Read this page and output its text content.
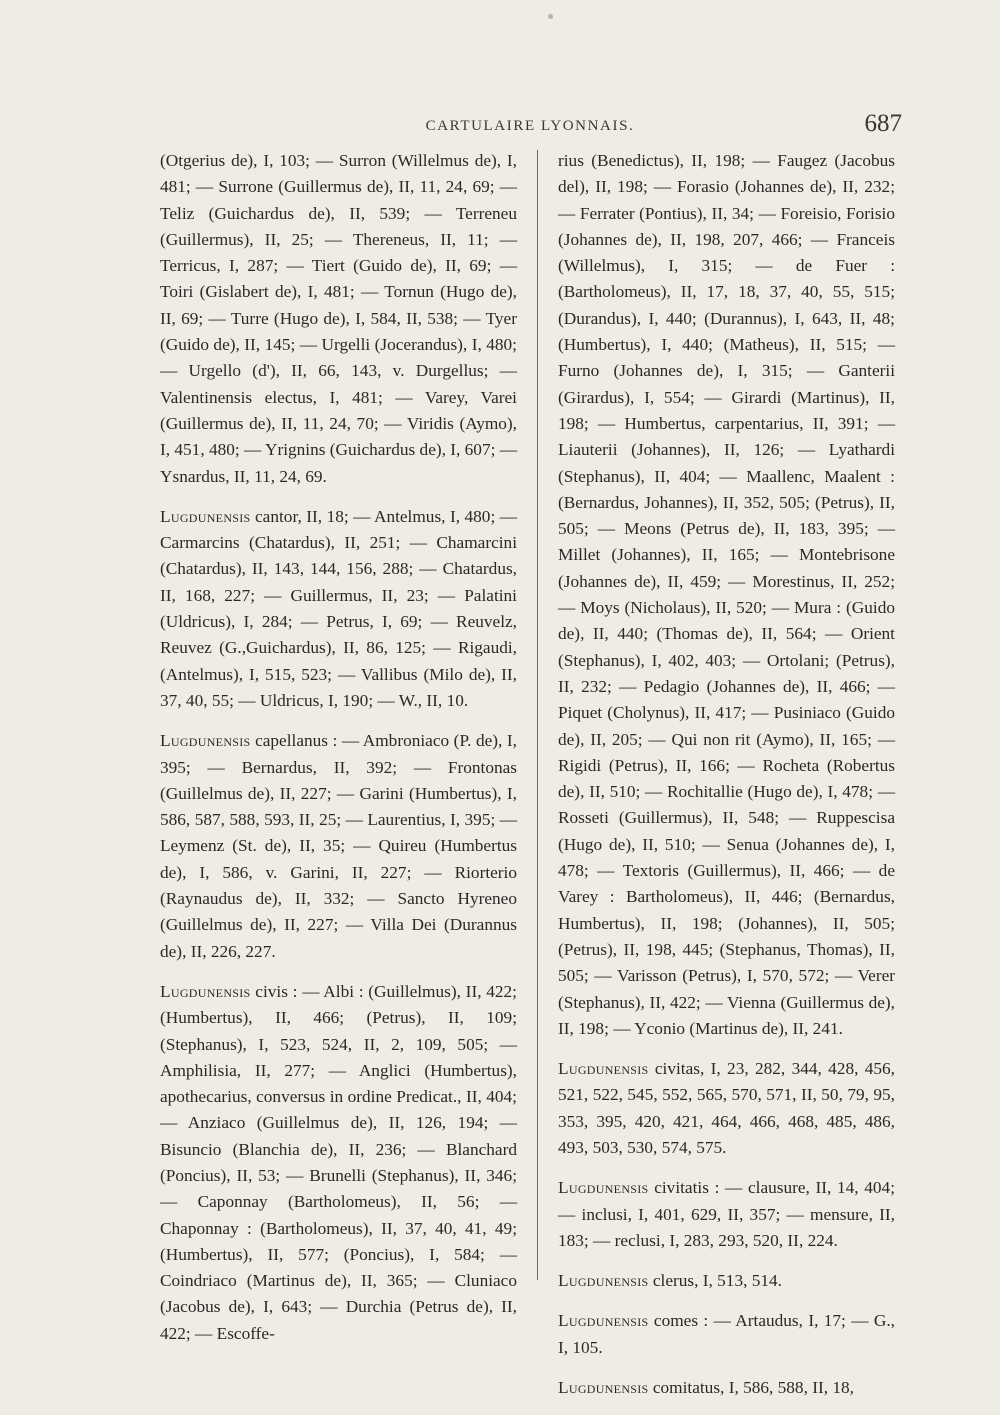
CARTULAIRE LYONNAIS.	687

(Otgerius de), I, 103; — Surron (Willelmus de), I, 481; — Surrone (Guillermus de), II, 11, 24, 69; — Teliz (Guichardus de), II, 539; — Terreneu (Guillermus), II, 25; — Thereneus, II, 11; — Terricus, I, 287; — Tiert (Guido de), II, 69; — Toiri (Gislabert de), I, 481; — Tornun (Hugo de), II, 69; — Turre (Hugo de), I, 584, II, 538; — Tyer (Guido de), II, 145; — Urgelli (Jocerandus), I, 480; — Urgello (d'), II, 66, 143, v. Durgellus; — Valentinensis electus, I, 481; — Varey, Varei (Guillermus de), II, 11, 24, 70; — Viridis (Aymo), I, 451, 480; — Yrignins (Guichardus de), I, 607; — Ysnardus, II, 11, 24, 69.

Lugdunensis cantor, II, 18; — Antelmus, I, 480; — Carmarcins (Chatardus), II, 251; — Chamarcini (Chatardus), II, 143, 144, 156, 288; — Chatardus, II, 168, 227; — Guillermus, II, 23; — Palatini (Uldricus), I, 284; — Petrus, I, 69; — Reuvelz, Reuvez (G.,Guichardus), II, 86, 125; — Rigaudi, (Antelmus), I, 515, 523; — Vallibus (Milo de), II, 37, 40, 55; — Uldricus, I, 190; — W., II, 10.

Lugdunensis capellanus : — Ambroniaco (P. de), I, 395; — Bernardus, II, 392; — Frontonas (Guillelmus de), II, 227; — Garini (Humbertus), I, 586, 587, 588, 593, II, 25; — Laurentius, I, 395; — Leymenz (St. de), II, 35; — Quireu (Humbertus de), I, 586, v. Garini, II, 227; — Riorterio (Raynaudus de), II, 332; — Sancto Hyreneo (Guillelmus de), II, 227; — Villa Dei (Durannus de), II, 226, 227.

Lugdunensis civis : — Albi : (Guillelmus), II, 422; (Humbertus), II, 466; (Petrus), II, 109; (Stephanus), I, 523, 524, II, 2, 109, 505; — Amphilisia, II, 277; — Anglici (Humbertus), apothecarius, conversus in ordine Predicat., II, 404; — Anziaco (Guillelmus de), II, 126, 194; — Bisuncio (Blanchia de), II, 236; — Blanchard (Poncius), II, 53; — Brunelli (Stephanus), II, 346; — Caponnay (Bartholomeus), II, 56; — Chaponnay : (Bartholomeus), II, 37, 40, 41, 49; (Humbertus), II, 577; (Poncius), I, 584; — Coindriaco (Martinus de), II, 365; — Cluniaco (Jacobus de), I, 643; — Durchia (Petrus de), II, 422; — Escoffe-

rius (Benedictus), II, 198; — Faugez (Jacobus del), II, 198; — Forasio (Johannes de), II, 232; — Ferrater (Pontius), II, 34; — Foreisio, Forisio (Johannes de), II, 198, 207, 466; — Franceis (Willelmus), I, 315; — de Fuer : (Bartholomeus), II, 17, 18, 37, 40, 55, 515; (Durandus), I, 440; (Durannus), I, 643, II, 48; (Humbertus), I, 440; (Matheus), II, 515; — Furno (Johannes de), I, 315; — Ganterii (Girardus), I, 554; — Girardi (Martinus), II, 198; — Humbertus, carpentarius, II, 391; — Liauterii (Johannes), II, 126; — Lyathardi (Stephanus), II, 404; — Maallenc, Maalent : (Bernardus, Johannes), II, 352, 505; (Petrus), II, 505; — Meons (Petrus de), II, 183, 395; — Millet (Johannes), II, 165; — Montebrisone (Johannes de), II, 459; — Morestinus, II, 252; — Moys (Nicholaus), II, 520; — Mura : (Guido de), II, 440; (Thomas de), II, 564; — Orient (Stephanus), I, 402, 403; — Ortolani; (Petrus), II, 232; — Pedagio (Johannes de), II, 466; — Piquet (Cholynus), II, 417; — Pusiniaco (Guido de), II, 205; — Qui non rit (Aymo), II, 165; — Rigidi (Petrus), II, 166; — Rocheta (Robertus de), II, 510; — Rochitallie (Hugo de), I, 478; — Rosseti (Guillermus), II, 548; — Ruppescisa (Hugo de), II, 510; — Senua (Johannes de), I, 478; — Textoris (Guillermus), II, 466; — de Varey : Bartholomeus), II, 446; (Bernardus, Humbertus), II, 198; (Johannes), II, 505; (Petrus), II, 198, 445; (Stephanus, Thomas), II, 505; — Varisson (Petrus), I, 570, 572; — Verer (Stephanus), II, 422; — Vienna (Guillermus de), II, 198; — Yconio (Martinus de), II, 241.

Lugdunensis civitas, I, 23, 282, 344, 428, 456, 521, 522, 545, 552, 565, 570, 571, II, 50, 79, 95, 353, 395, 420, 421, 464, 466, 468, 485, 486, 493, 503, 530, 574, 575.

Lugdunensis civitatis : — clausure, II, 14, 404; — inclusi, I, 401, 629, II, 357; — mensure, II, 183; — reclusi, I, 283, 293, 520, II, 224.

Lugdunensis clerus, I, 513, 514.

Lugdunensis comes : — Artaudus, I, 17; — G., I, 105.

Lugdunensis comitatus, I, 586, 588, II, 18,
